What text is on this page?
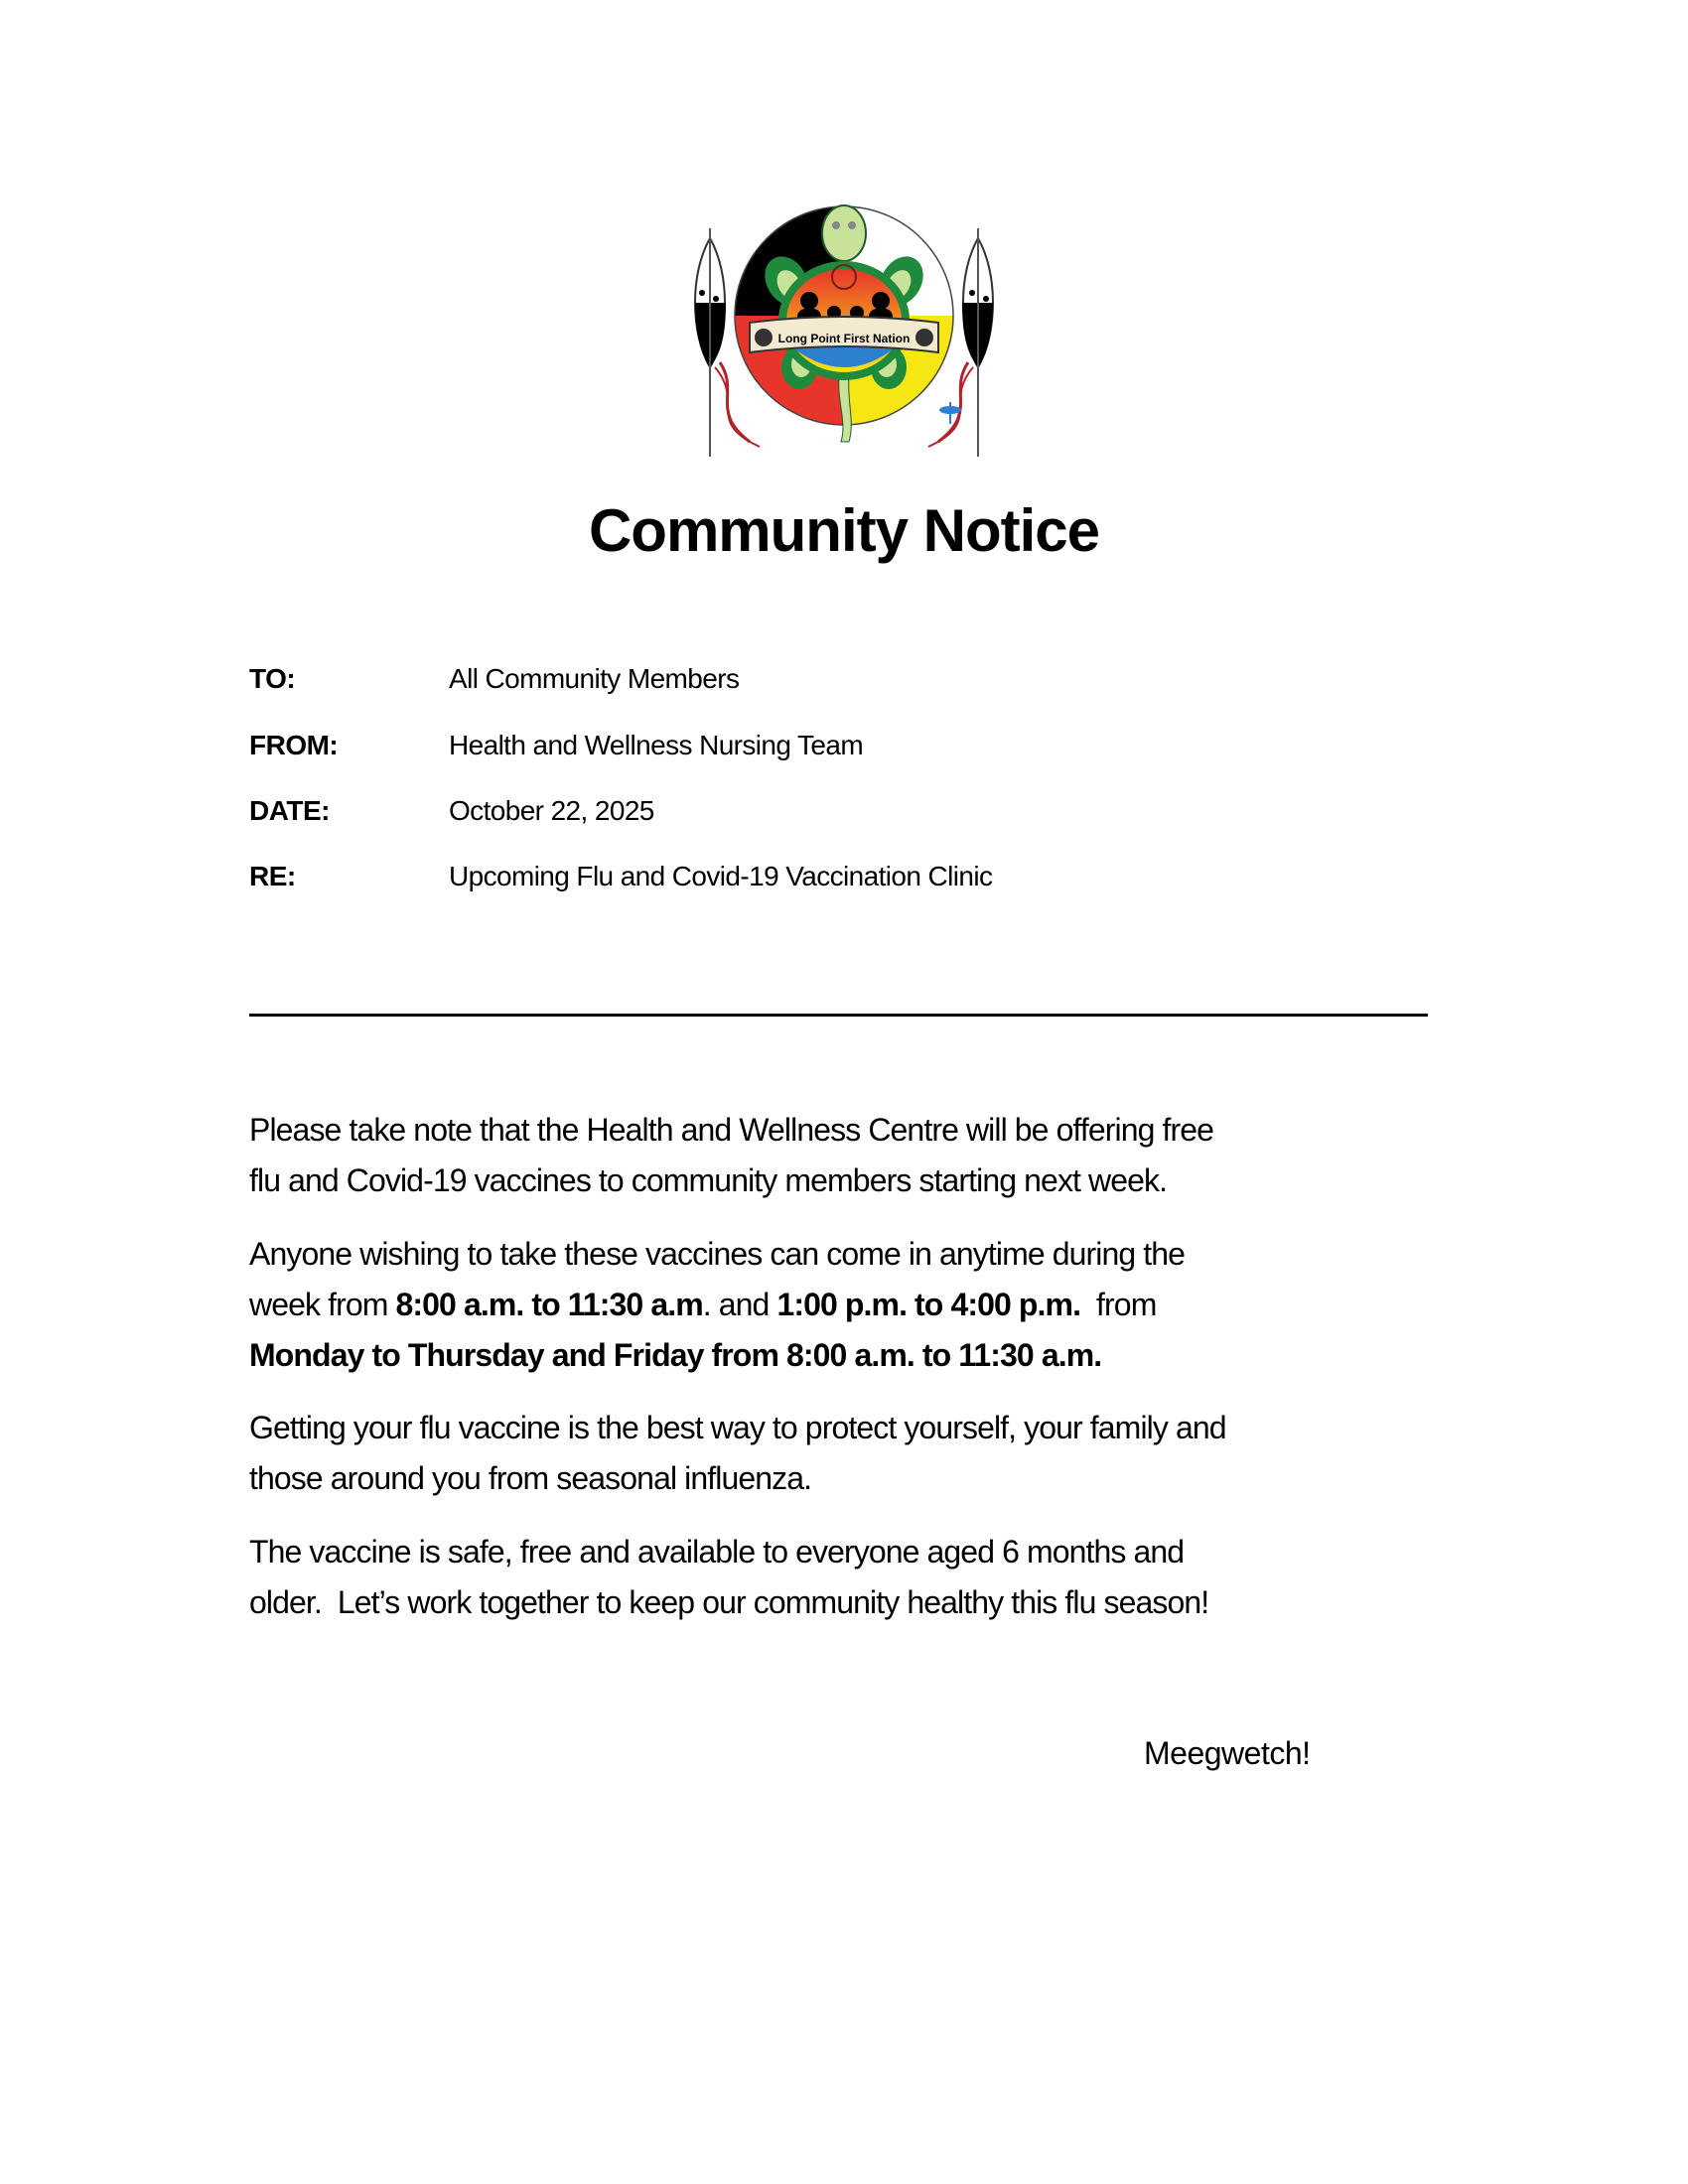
Long Point First Nation
Community Notice
TO:	All Community Members
FROM:	Health and Wellness Nursing Team
DATE:	October 22, 2025
RE:	Upcoming Flu and Covid-19 Vaccination Clinic
Please take note that the Health and Wellness Centre will be offering free
flu and Covid-19 vaccines to community members starting next week.
Anyone wishing to take these vaccines can come in anytime during the
week from 8:00 a.m. to 11:30 a.m. and 1:00 p.m. to 4:00 p.m.  from
Monday to Thursday and Friday from 8:00 a.m. to 11:30 a.m.
Getting your flu vaccine is the best way to protect yourself, your family and
those around you from seasonal influenza.
The vaccine is safe, free and available to everyone aged 6 months and
older.  Let’s work together to keep our community healthy this flu season!
Meegwetch!
